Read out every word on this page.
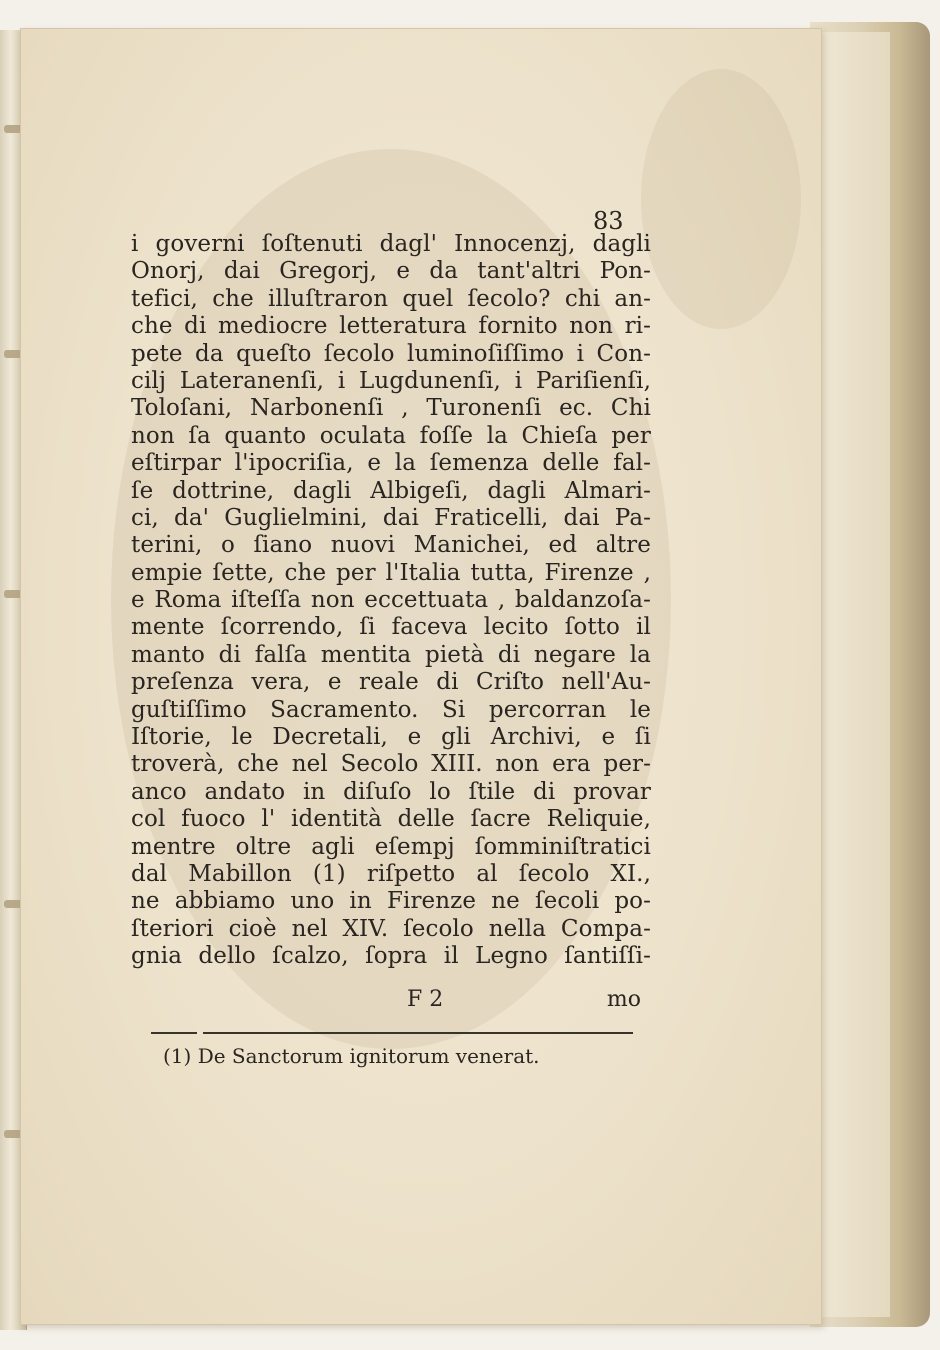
83
i governi ſoſtenuti dagl' Innocenzj, dagli
Onorj, dai Gregorj, e da tant'altri Pon-
tefici, che illuſtraron quel ſecolo? chi an-
che di mediocre letteratura fornito non ri-
pete da queſto ſecolo luminoſiſſimo i Con-
cilj Lateranenſi, i Lugdunenſi, i Pariſienſi,
Toloſani, Narbonenſi , Turonenſi ec. Chi
non ſa quanto oculata foſſe la Chieſa per
eſtirpar l'ipocriſia, e la ſemenza delle fal-
ſe dottrine, dagli Albigeſi, dagli Almari-
ci, da' Guglielmini, dai Fraticelli, dai Pa-
terini, o ſiano nuovi Manichei, ed altre
empie ſette, che per l'Italia tutta, Firenze ,
e Roma iſteſſa non eccettuata , baldanzoſa-
mente ſcorrendo, ſi faceva lecito ſotto il
manto di falſa mentita pietà di negare la
preſenza vera, e reale di Criſto nell'Au-
guſtiſſimo Sacramento. Si percorran le
Iſtorie, le Decretali, e gli Archivi, e ſi
troverà, che nel Secolo XIII. non era per-
anco andato in diſuſo lo ſtile di provar
col fuoco l' identità delle ſacre Reliquie,
mentre oltre agli eſempj ſomminiſtratici
dal Mabillon (1) riſpetto al ſecolo XI.,
ne abbiamo uno in Firenze ne ſecoli po-
ſteriori cioè nel XIV. ſecolo nella Compa-
gnia dello ſcalzo, ſopra il Legno ſantiſſi-
F 2	mo
(1) De Sanctorum ignitorum venerat.
